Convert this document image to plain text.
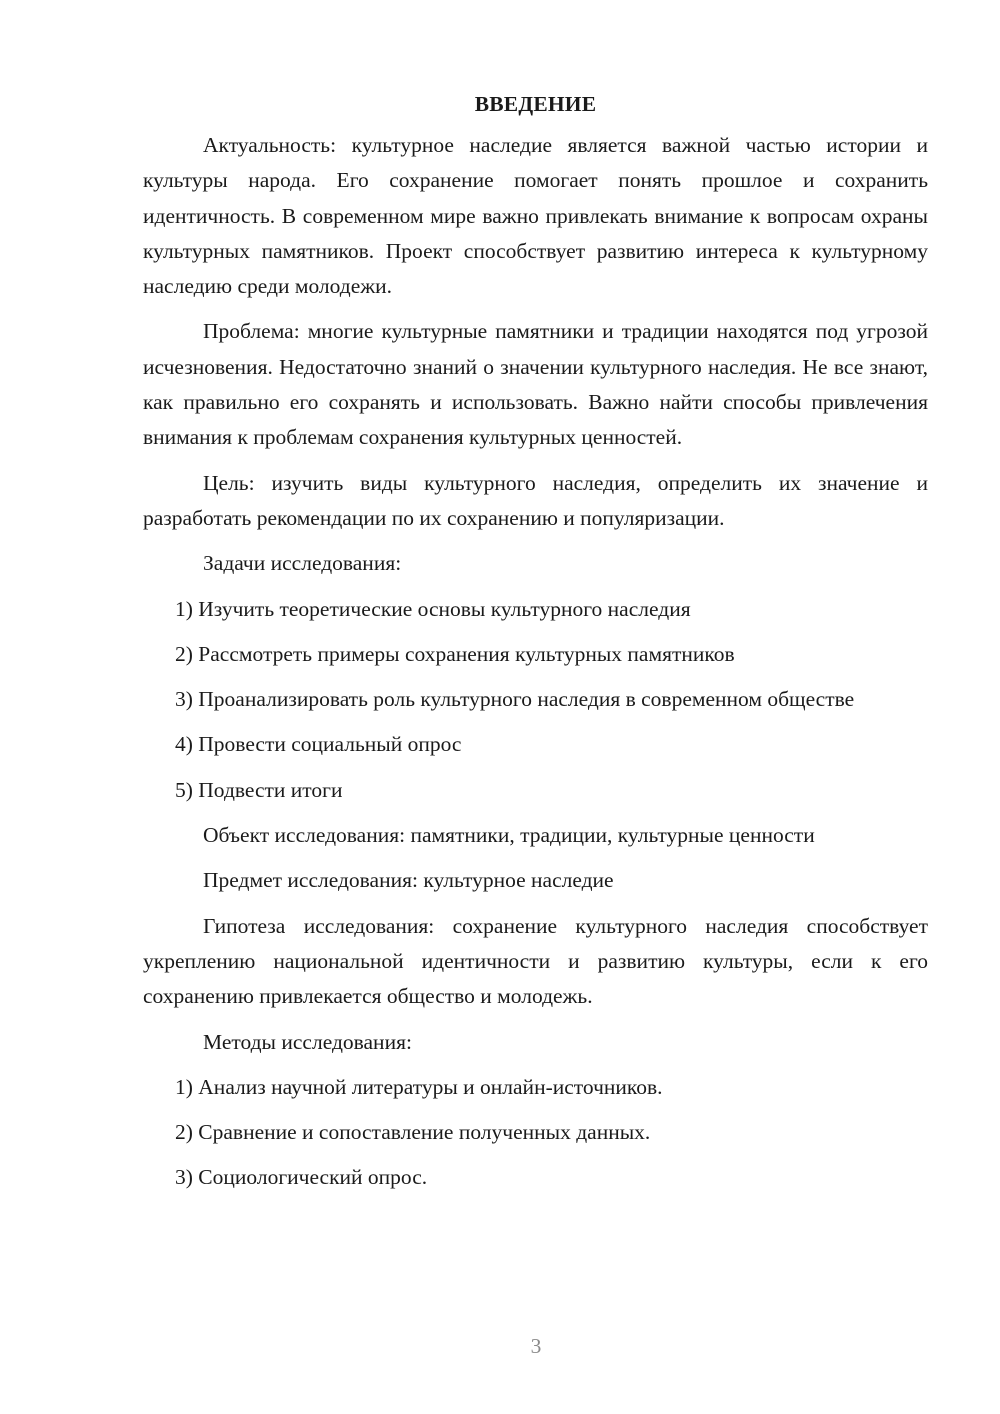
ВВЕДЕНИЕ

Актуальность: культурное наследие является важной частью истории и культуры народа. Его сохранение помогает понять прошлое и сохранить идентичность. В современном мире важно привлекать внимание к вопросам охраны культурных памятников. Проект способствует развитию интереса к культурному наследию среди молодежи.

Проблема: многие культурные памятники и традиции находятся под угрозой исчезновения. Недостаточно знаний о значении культурного наследия. Не все знают, как правильно его сохранять и использовать. Важно найти способы привлечения внимания к проблемам сохранения культурных ценностей.

Цель: изучить виды культурного наследия, определить их значение и разработать рекомендации по их сохранению и популяризации.

Задачи исследования:

1) Изучить теоретические основы культурного наследия

2) Рассмотреть примеры сохранения культурных памятников

3) Проанализировать роль культурного наследия в современном обществе

4) Провести социальный опрос

5) Подвести итоги

Объект исследования: памятники, традиции, культурные ценности

Предмет исследования: культурное наследие

Гипотеза исследования: сохранение культурного наследия способствует укреплению национальной идентичности и развитию культуры, если к его сохранению привлекается общество и молодежь.

Методы исследования:

1) Анализ научной литературы и онлайн-источников.

2) Сравнение и сопоставление полученных данных.

3) Социологический опрос.

3
